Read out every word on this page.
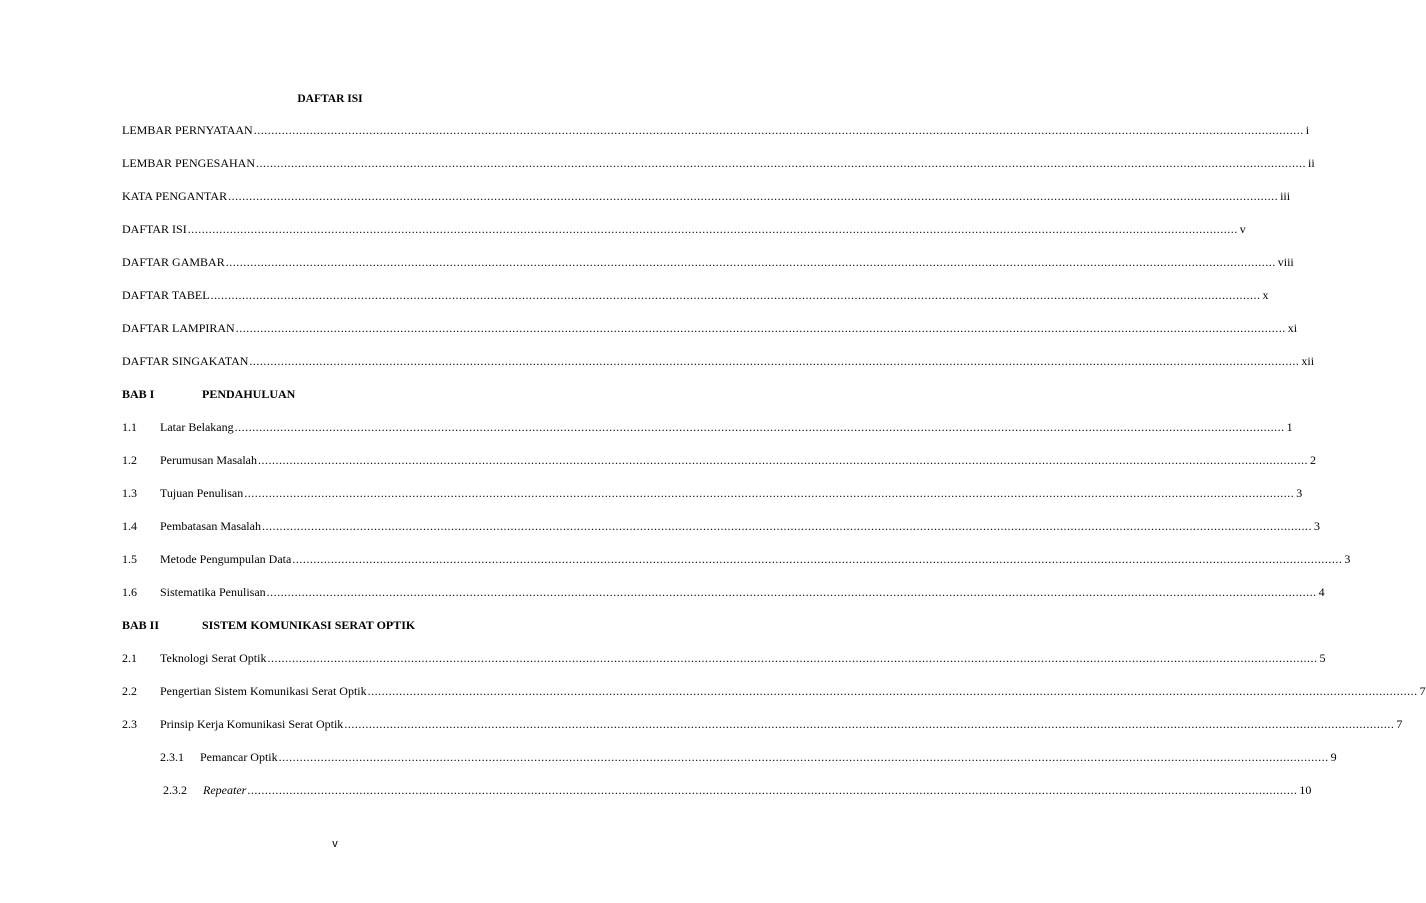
DAFTAR ISI
LEMBAR PERNYATAAN ............................................................................................................................................................................................................................................................................................................ i
LEMBAR PENGESAHAN ............................................................................................................................................................................................................................................................................................................ ii
KATA PENGANTAR ............................................................................................................................................................................................................................................................................................................ iii
DAFTAR ISI ............................................................................................................................................................................................................................................................................................................ v
DAFTAR GAMBAR ............................................................................................................................................................................................................................................................................................................ viii
DAFTAR TABEL ............................................................................................................................................................................................................................................................................................................ x
DAFTAR LAMPIRAN ............................................................................................................................................................................................................................................................................................................ xi
DAFTAR SINGAKATAN ............................................................................................................................................................................................................................................................................................................ xii
BAB I	PENDAHULUAN
1.1	Latar Belakang ............................................................................................................................................................................................................................................................................................................ 1
1.2	Perumusan Masalah ............................................................................................................................................................................................................................................................................................................ 2
1.3	Tujuan Penulisan ............................................................................................................................................................................................................................................................................................................ 3
1.4	Pembatasan Masalah ............................................................................................................................................................................................................................................................................................................ 3
1.5	Metode Pengumpulan Data ............................................................................................................................................................................................................................................................................................................ 3
1.6	Sistematika Penulisan ............................................................................................................................................................................................................................................................................................................ 4
BAB II	SISTEM KOMUNIKASI SERAT OPTIK
2.1	Teknologi Serat Optik ............................................................................................................................................................................................................................................................................................................ 5
2.2	Pengertian Sistem Komunikasi Serat Optik ............................................................................................................................................................................................................................................................................................................ 7
2.3	Prinsip Kerja Komunikasi Serat Optik ............................................................................................................................................................................................................................................................................................................ 7
2.3.1	Pemancar Optik ............................................................................................................................................................................................................................................................................................................ 9
2.3.2	Repeater ............................................................................................................................................................................................................................................................................................................ 10
v
